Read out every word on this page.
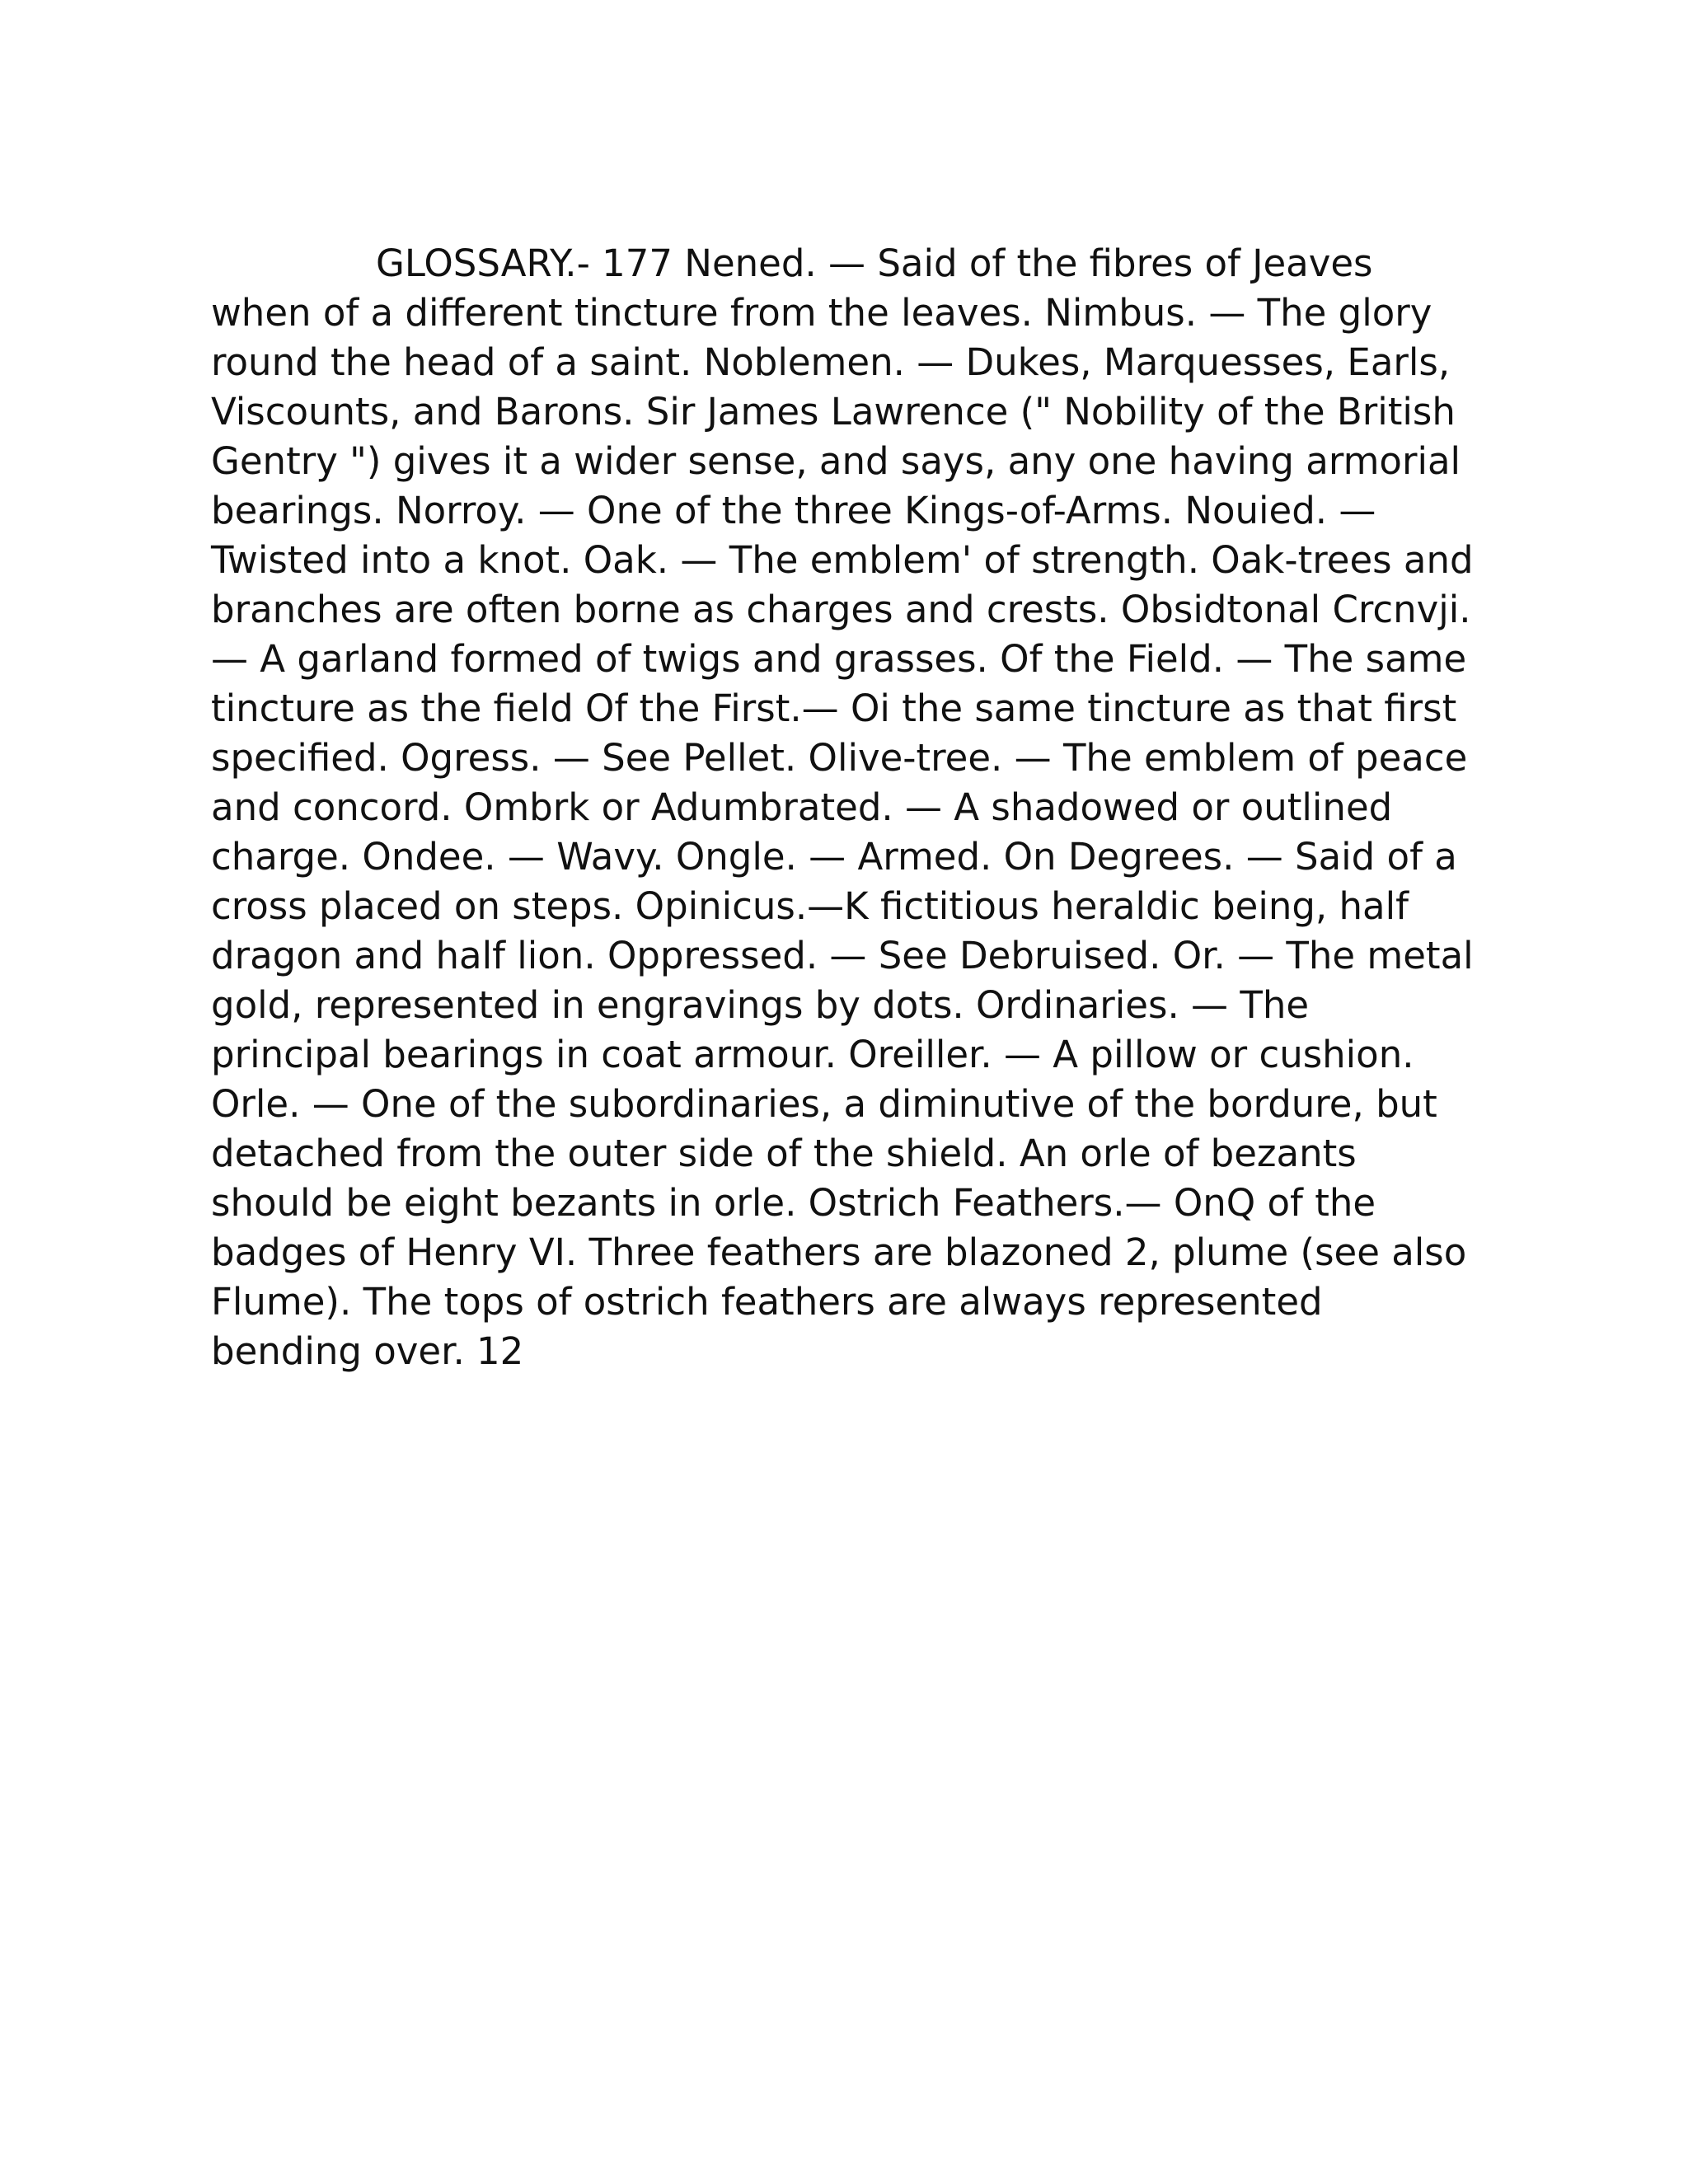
GLOSSARY.- 177 Nened. — Said of the fibres of Jeaves when of a different tincture from the leaves. Nimbus. — The glory round the head of a saint. Noblemen. — Dukes, Marquesses, Earls, Viscounts, and Barons. Sir James Lawrence (" Nobility of the British Gentry ") gives it a wider sense, and says, any one having armorial bearings. Norroy. — One of the three Kings-of-Arms. Nouied. — Twisted into a knot. Oak. — The emblem' of strength. Oak-trees and branches are often borne as charges and crests. Obsidtonal Crcnvji. — A garland formed of twigs and grasses. Of the Field. — The same tincture as the field Of the First.— Oi the same tincture as that first specified. Ogress. — See Pellet. Olive-tree. — The emblem of peace and concord. Ombrk or Adumbrated. — A shadowed or outlined charge. Ondee. — Wavy. Ongle. — Armed. On Degrees. — Said of a cross placed on steps. Opinicus.—K fictitious heraldic being, half dragon and half lion. Oppressed. — See Debruised. Or. — The metal gold, represented in engravings by dots. Ordinaries. — The principal bearings in coat armour. Oreiller. — A pillow or cushion. Orle. — One of the subordinaries, a diminutive of the bordure, but detached from the outer side of the shield. An orle of bezants should be eight bezants in orle. Ostrich Feathers.— OnQ of the badges of Henry VI. Three feathers are blazoned 2, plume (see also Flume). The tops of ostrich feathers are always represented bending over. 12
